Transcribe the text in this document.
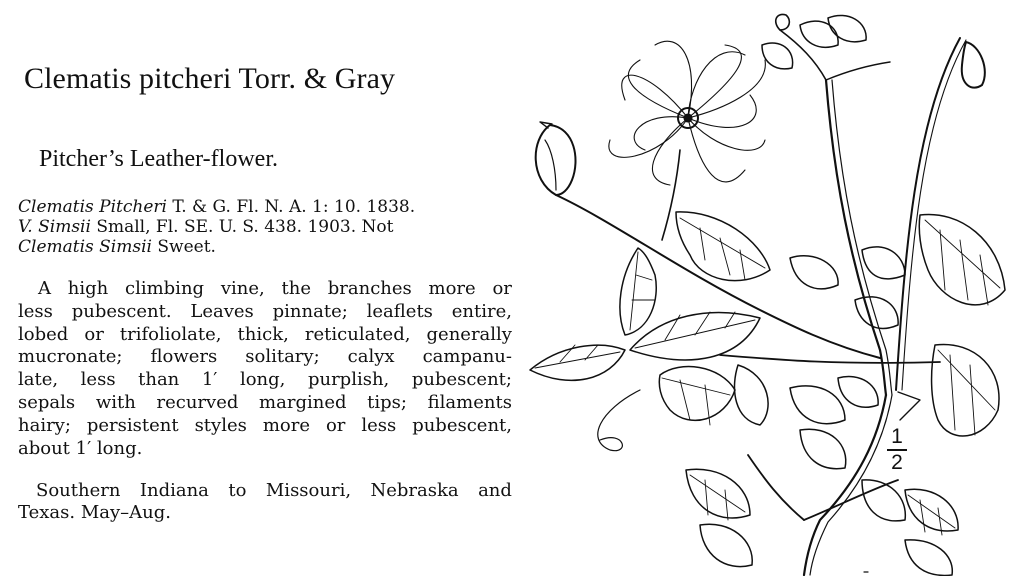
Clematis pitcheri Torr. & Gray
Pitcher’s Leather-flower.
Clematis Pitcheri T. & G. Fl. N. A. 1: 10. 1838.
V. Simsii Small, Fl. SE. U. S. 438. 1903. Not
Clematis Simsii Sweet.
A high climbing vine, the branches more or
less pubescent. Leaves pinnate; leaflets entire,
lobed or trifoliolate, thick, reticulated, generally
mucronate; flowers solitary; calyx campanu-
late, less than 1′ long, purplish, pubescent;
sepals with recurved margined tips; filaments
hairy; persistent styles more or less pubescent,
about 1′ long.
Southern Indiana to Missouri, Nebraska and
Texas. May–Aug.
1
2
